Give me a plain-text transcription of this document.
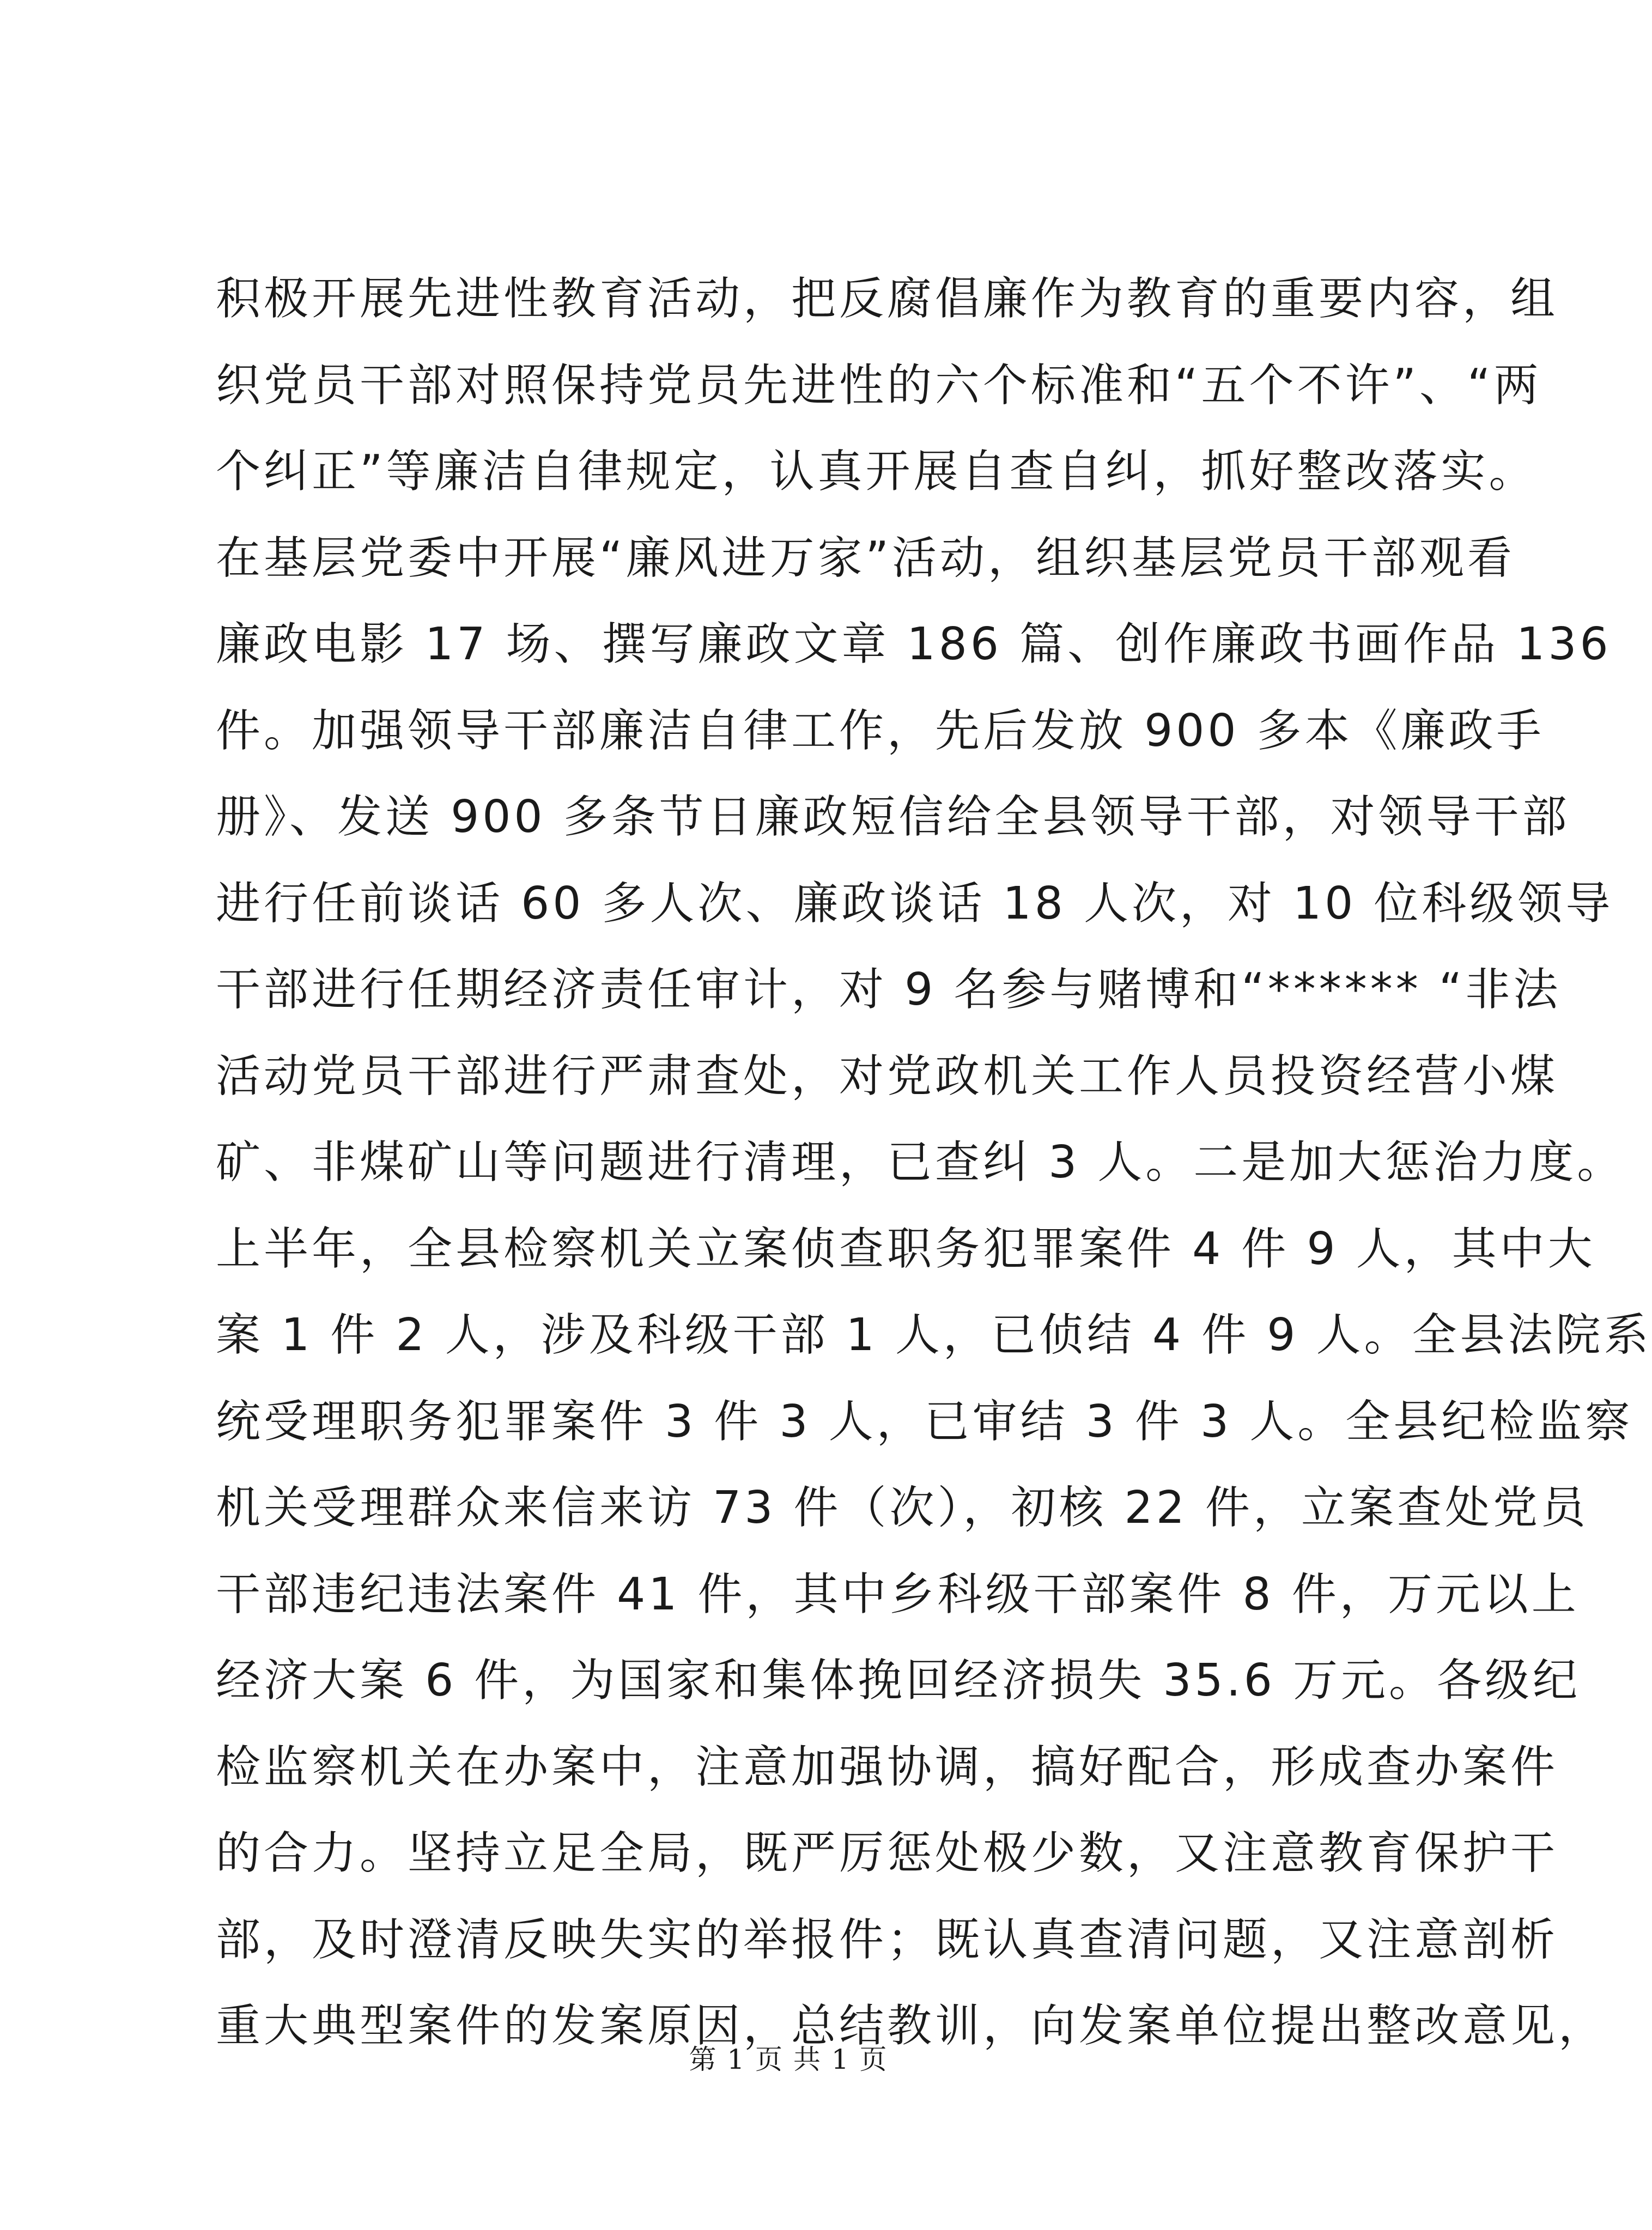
积极开展先进性教育活动，把反腐倡廉作为教育的重要内容，组
织党员干部对照保持党员先进性的六个标准和“五个不许”、“两
个纠正”等廉洁自律规定，认真开展自查自纠，抓好整改落实。
在基层党委中开展“廉风进万家”活动，组织基层党员干部观看
廉政电影 17 场、撰写廉政文章 186 篇、创作廉政书画作品 136
件。加强领导干部廉洁自律工作，先后发放 900 多本《廉政手
册》、发送 900 多条节日廉政短信给全县领导干部，对领导干部
进行任前谈话 60 多人次、廉政谈话 18 人次，对 10 位科级领导
干部进行任期经济责任审计，对 9 名参与赌博和“****** “非法
活动党员干部进行严肃查处，对党政机关工作人员投资经营小煤
矿、非煤矿山等问题进行清理，已查纠 3 人。二是加大惩治力度。
上半年，全县检察机关立案侦查职务犯罪案件 4 件 9 人，其中大
案 1 件 2 人，涉及科级干部 1 人，已侦结 4 件 9 人。全县法院系
统受理职务犯罪案件 3 件 3 人，已审结 3 件 3 人。全县纪检监察
机关受理群众来信来访 73 件（次），初核 22 件，立案查处党员
干部违纪违法案件 41 件，其中乡科级干部案件 8 件，万元以上
经济大案 6 件，为国家和集体挽回经济损失 35.6 万元。各级纪
检监察机关在办案中，注意加强协调，搞好配合，形成查办案件
的合力。坚持立足全局，既严厉惩处极少数，又注意教育保护干
部，及时澄清反映失实的举报件；既认真查清问题，又注意剖析
重大典型案件的发案原因，总结教训，向发案单位提出整改意见，
第 1 页 共 1 页
